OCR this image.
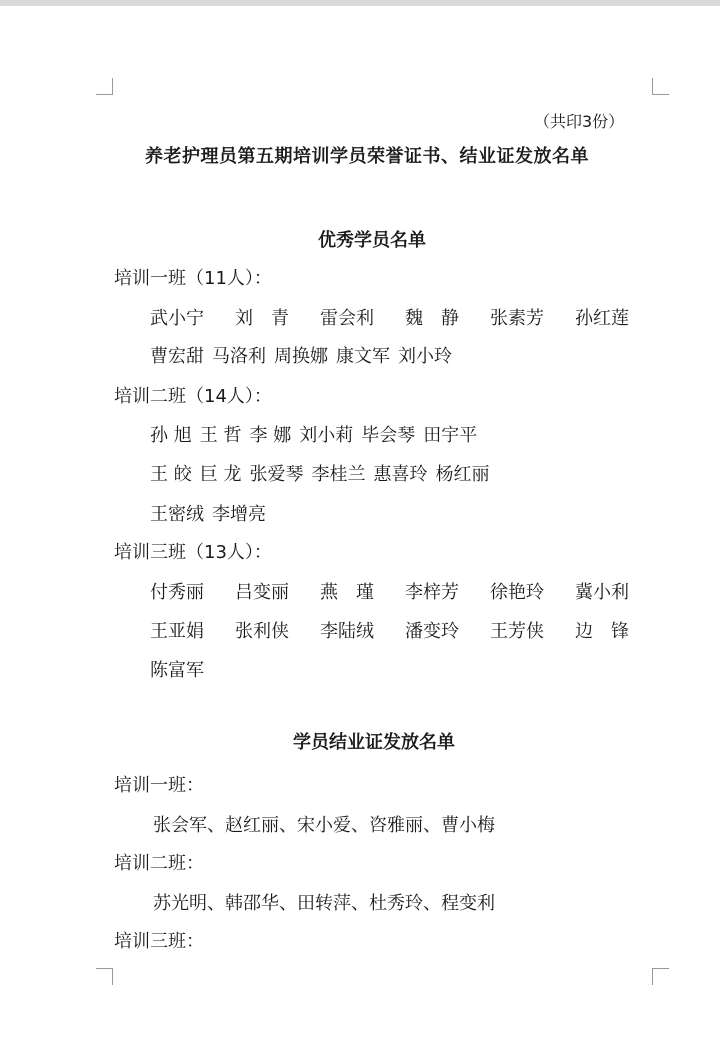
（共印3份）
养老护理员第五期培训学员荣誉证书、结业证发放名单
优秀学员名单
培训一班（11人）：
武小宁 刘　青 雷会利 魏　静 张素芳 孙红莲
曹宏甜 马洛利 周换娜 康文军 刘小玲
培训二班（14人）：
孙 旭 王 哲 李 娜 刘小莉 毕会琴 田宇平
王 皎 巨 龙 张爱琴 李桂兰 惠喜玲 杨红丽
王密绒 李增亮
培训三班（13人）：
付秀丽 吕变丽 燕　瑾 李梓芳 徐艳玲 冀小利
王亚娟 张利侠 李陆绒 潘变玲 王芳侠 边　锋
陈富军
学员结业证发放名单
培训一班：
张会军、赵红丽、宋小爱、咨雅丽、曹小梅
培训二班：
苏光明、韩邵华、田转萍、杜秀玲、程变利
培训三班：
